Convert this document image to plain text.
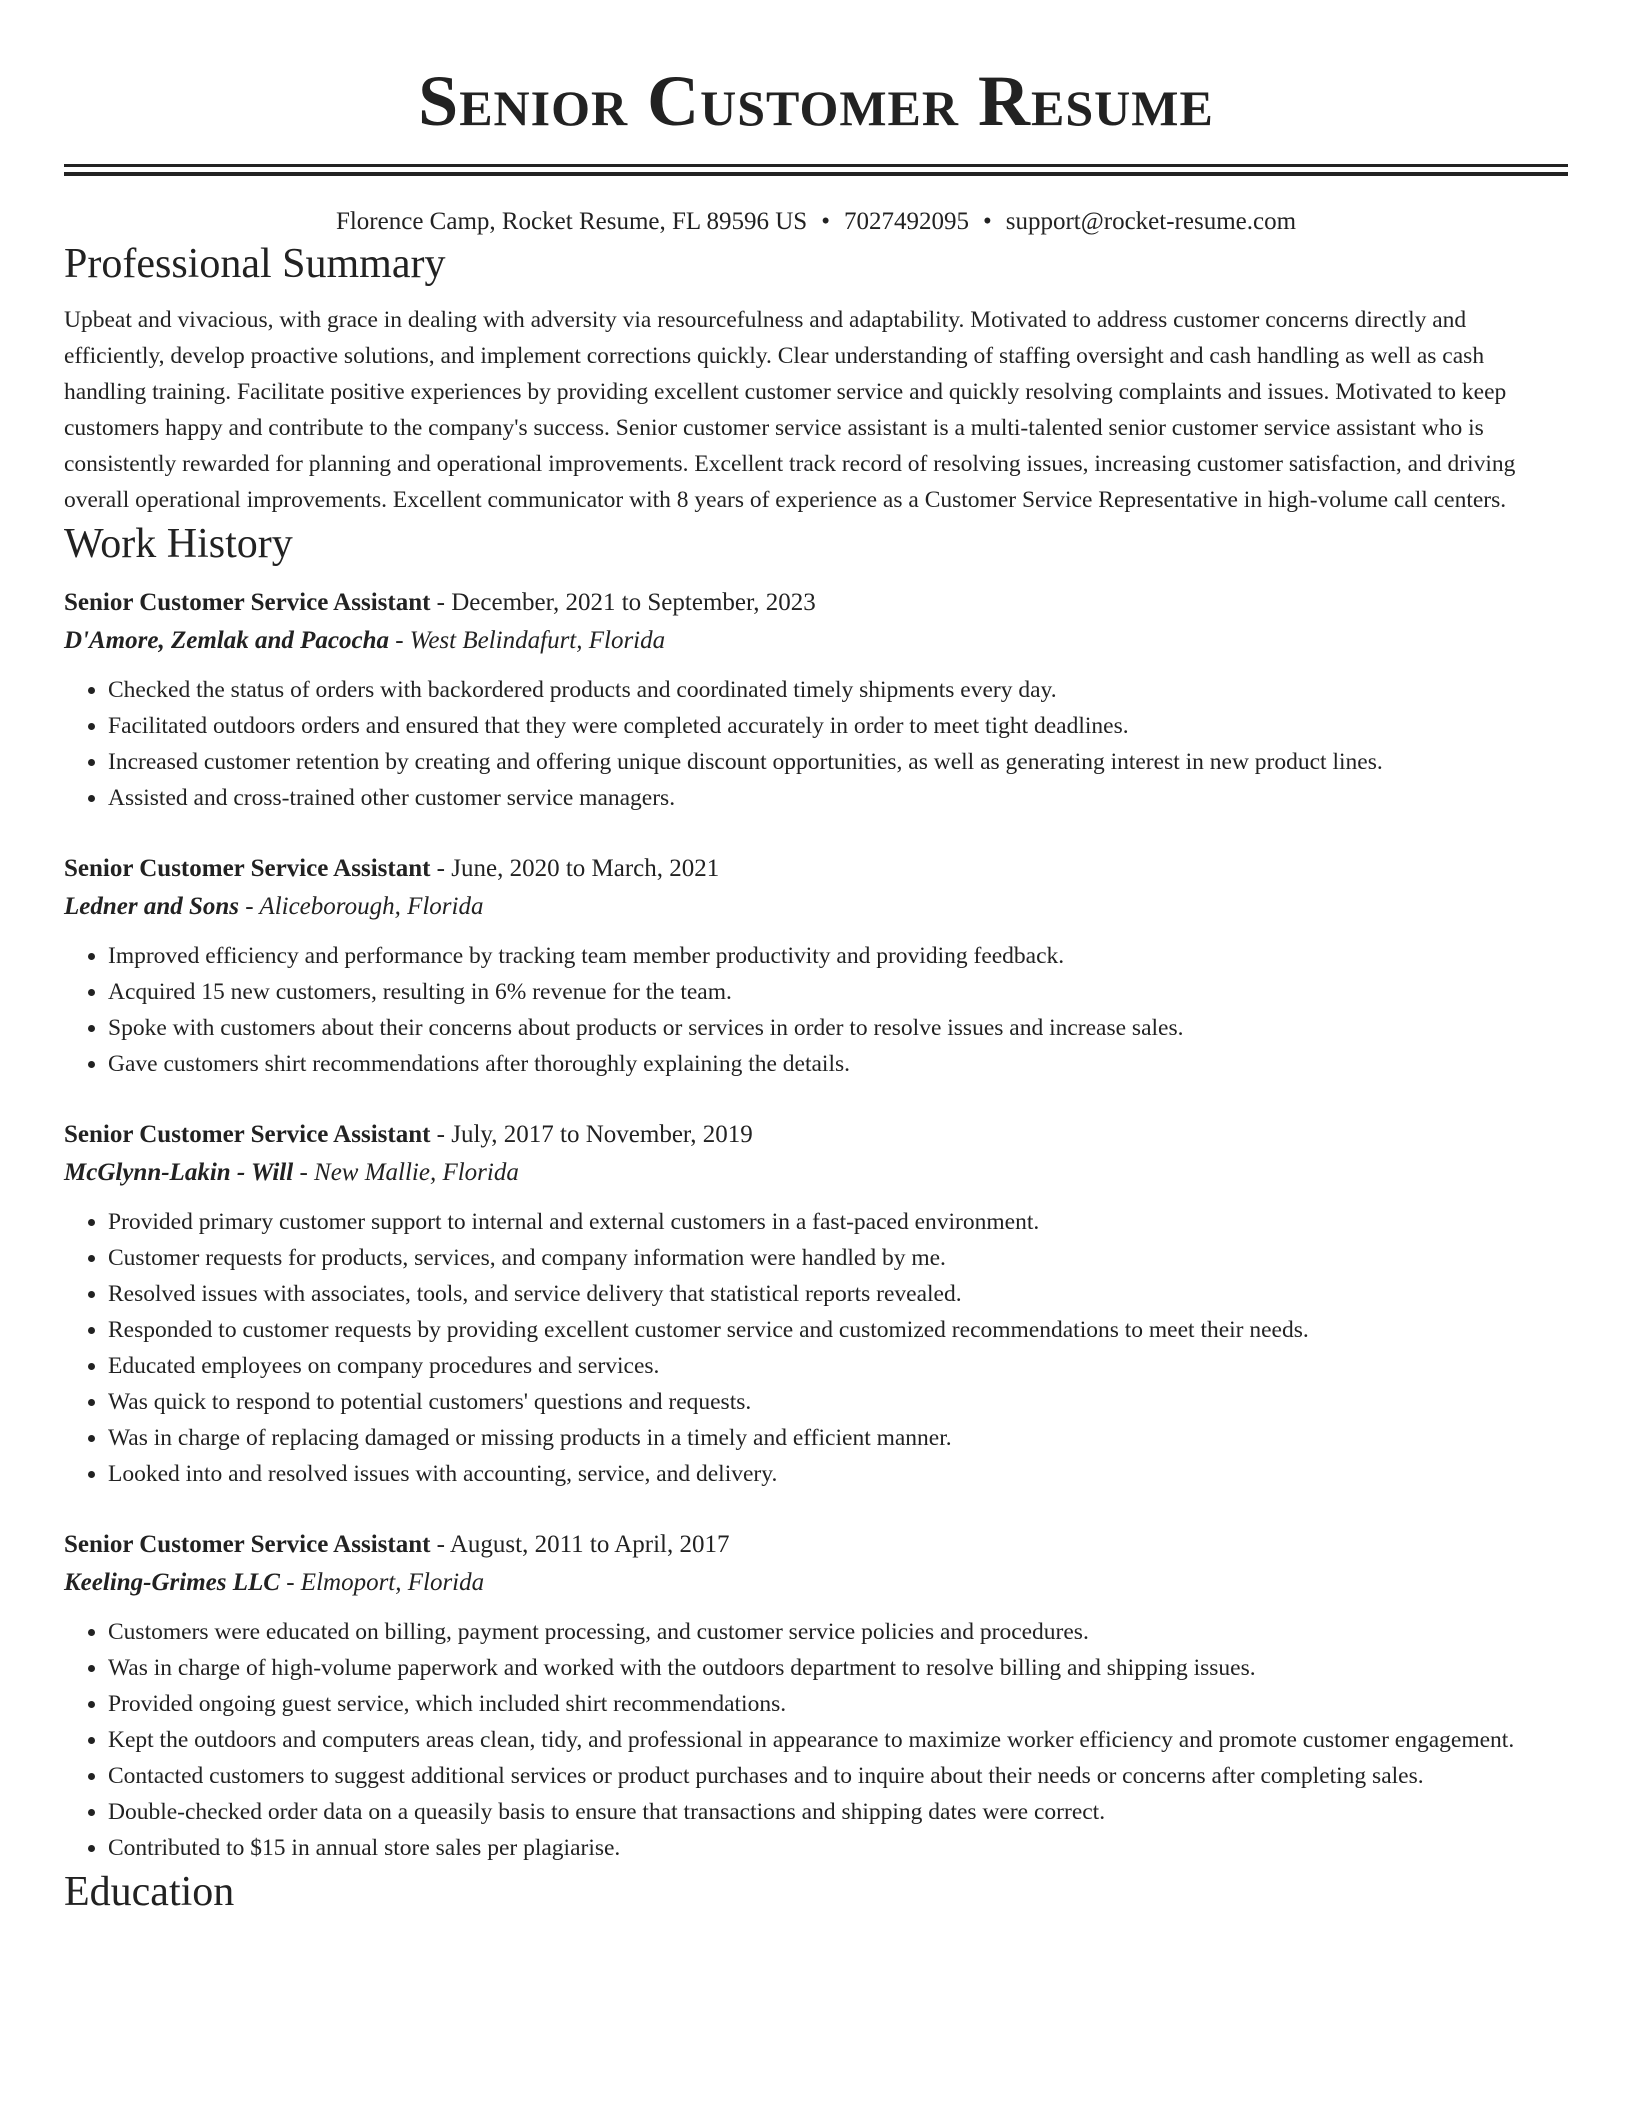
Senior Customer Resume
Florence Camp, Rocket Resume, FL 89596 US • 7027492095 • support@rocket-resume.com
Professional Summary

Upbeat and vivacious, with grace in dealing with adversity via resourcefulness and adaptability. Motivated to address customer concerns directly and efficiently, develop proactive solutions, and implement corrections quickly. Clear understanding of staffing oversight and cash handling as well as cash handling training. Facilitate positive experiences by providing excellent customer service and quickly resolving complaints and issues. Motivated to keep customers happy and contribute to the company's success. Senior customer service assistant is a multi-talented senior customer service assistant who is consistently rewarded for planning and operational improvements. Excellent track record of resolving issues, increasing customer satisfaction, and driving overall operational improvements. Excellent communicator with 8 years of experience as a Customer Service Representative in high-volume call centers.

Work History
Senior Customer Service Assistant - December, 2021 to September, 2023
D'Amore, Zemlak and Pacocha - West Belindafurt, Florida
• Checked the status of orders with backordered products and coordinated timely shipments every day.
• Facilitated outdoors orders and ensured that they were completed accurately in order to meet tight deadlines.
• Increased customer retention by creating and offering unique discount opportunities, as well as generating interest in new product lines.
• Assisted and cross-trained other customer service managers.
Senior Customer Service Assistant - June, 2020 to March, 2021
Ledner and Sons - Aliceborough, Florida
• Improved efficiency and performance by tracking team member productivity and providing feedback.
• Acquired 15 new customers, resulting in 6% revenue for the team.
• Spoke with customers about their concerns about products or services in order to resolve issues and increase sales.
• Gave customers shirt recommendations after thoroughly explaining the details.
Senior Customer Service Assistant - July, 2017 to November, 2019
McGlynn-Lakin - Will - New Mallie, Florida
• Provided primary customer support to internal and external customers in a fast-paced environment.
• Customer requests for products, services, and company information were handled by me.
• Resolved issues with associates, tools, and service delivery that statistical reports revealed.
• Responded to customer requests by providing excellent customer service and customized recommendations to meet their needs.
• Educated employees on company procedures and services.
• Was quick to respond to potential customers' questions and requests.
• Was in charge of replacing damaged or missing products in a timely and efficient manner.
• Looked into and resolved issues with accounting, service, and delivery.
Senior Customer Service Assistant - August, 2011 to April, 2017
Keeling-Grimes LLC - Elmoport, Florida
• Customers were educated on billing, payment processing, and customer service policies and procedures.
• Was in charge of high-volume paperwork and worked with the outdoors department to resolve billing and shipping issues.
• Provided ongoing guest service, which included shirt recommendations.
• Kept the outdoors and computers areas clean, tidy, and professional in appearance to maximize worker efficiency and promote customer engagement.
• Contacted customers to suggest additional services or product purchases and to inquire about their needs or concerns after completing sales.
• Double-checked order data on a queasily basis to ensure that transactions and shipping dates were correct.
• Contributed to $15 in annual store sales per plagiarise.
Education
